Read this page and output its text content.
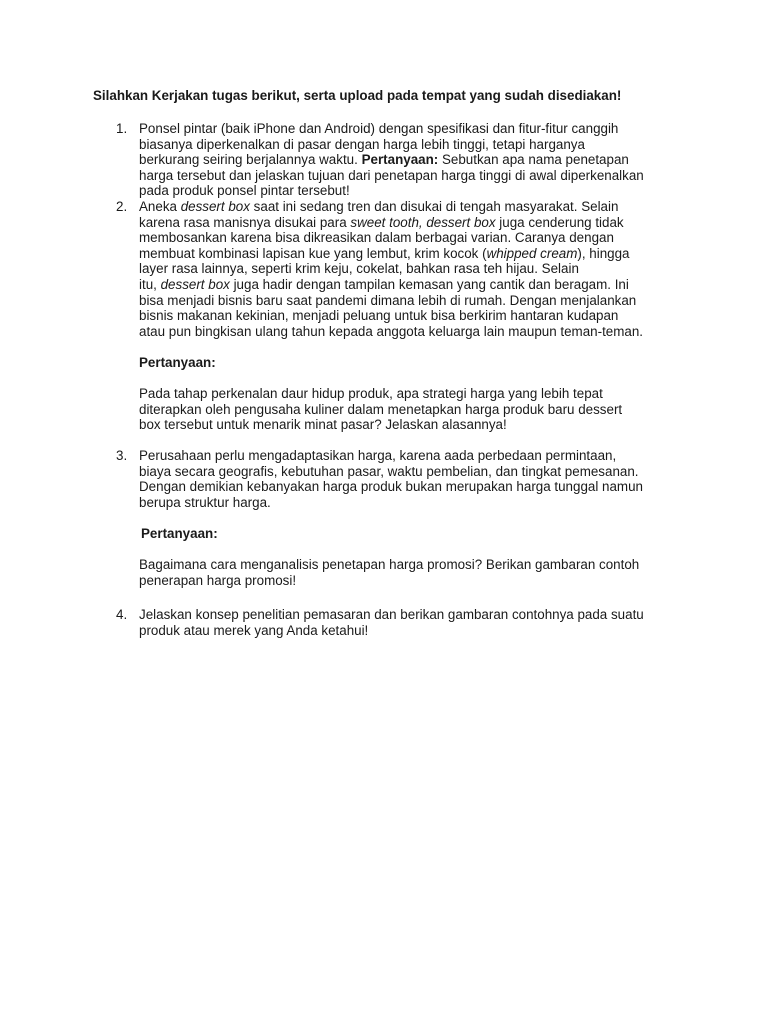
Silahkan Kerjakan tugas berikut, serta upload pada tempat yang sudah disediakan!
1. Ponsel pintar (baik iPhone dan Android) dengan spesifikasi dan fitur-fitur canggih
biasanya diperkenalkan di pasar dengan harga lebih tinggi, tetapi harganya
berkurang seiring berjalannya waktu. Pertanyaan: Sebutkan apa nama penetapan
harga tersebut dan jelaskan tujuan dari penetapan harga tinggi di awal diperkenalkan
pada produk ponsel pintar tersebut!
2. Aneka dessert box saat ini sedang tren dan disukai di tengah masyarakat. Selain
karena rasa manisnya disukai para sweet tooth, dessert box juga cenderung tidak
membosankan karena bisa dikreasikan dalam berbagai varian. Caranya dengan
membuat kombinasi lapisan kue yang lembut, krim kocok (whipped cream), hingga
layer rasa lainnya, seperti krim keju, cokelat, bahkan rasa teh hijau. Selain
itu, dessert box juga hadir dengan tampilan kemasan yang cantik dan beragam. Ini
bisa menjadi bisnis baru saat pandemi dimana lebih di rumah. Dengan menjalankan
bisnis makanan kekinian, menjadi peluang untuk bisa berkirim hantaran kudapan
atau pun bingkisan ulang tahun kepada anggota keluarga lain maupun teman-teman.
Pertanyaan:
Pada tahap perkenalan daur hidup produk, apa strategi harga yang lebih tepat
diterapkan oleh pengusaha kuliner dalam menetapkan harga produk baru dessert
box tersebut untuk menarik minat pasar? Jelaskan alasannya!
3. Perusahaan perlu mengadaptasikan harga, karena aada perbedaan permintaan,
biaya secara geografis, kebutuhan pasar, waktu pembelian, dan tingkat pemesanan.
Dengan demikian kebanyakan harga produk bukan merupakan harga tunggal namun
berupa struktur harga.
Pertanyaan:
Bagaimana cara menganalisis penetapan harga promosi? Berikan gambaran contoh
penerapan harga promosi!
4. Jelaskan konsep penelitian pemasaran dan berikan gambaran contohnya pada suatu
produk atau merek yang Anda ketahui!
